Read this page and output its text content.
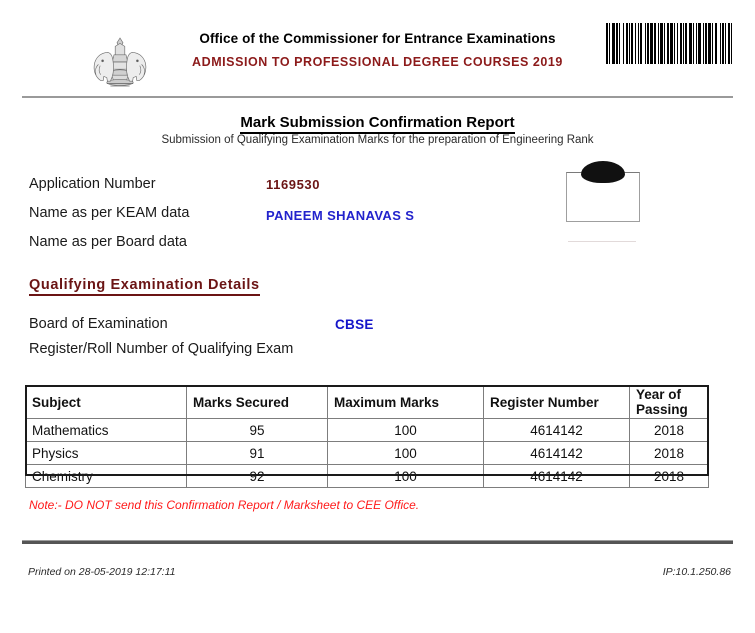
Office of the Commissioner for Entrance Examinations
ADMISSION TO PROFESSIONAL DEGREE COURSES 2019
Mark Submission Confirmation Report
Submission of Qualifying Examination Marks for the preparation of Engineering Rank
Application Number	1169530
Name as per KEAM data	PANEEM SHANAVAS S
Name as per Board data
Qualifying Examination Details
Board of Examination	CBSE
Register/Roll Number of Qualifying Exam
Subject	Marks Secured	Maximum Marks	Register Number	Year of Passing
Mathematics	95	100	4614142	2018
Physics	91	100	4614142	2018
Chemistry	92	100	4614142	2018
Note:- DO NOT send this Confirmation Report / Marksheet to CEE Office.
Printed on 28-05-2019 12:17:11	IP:10.1.250.86
